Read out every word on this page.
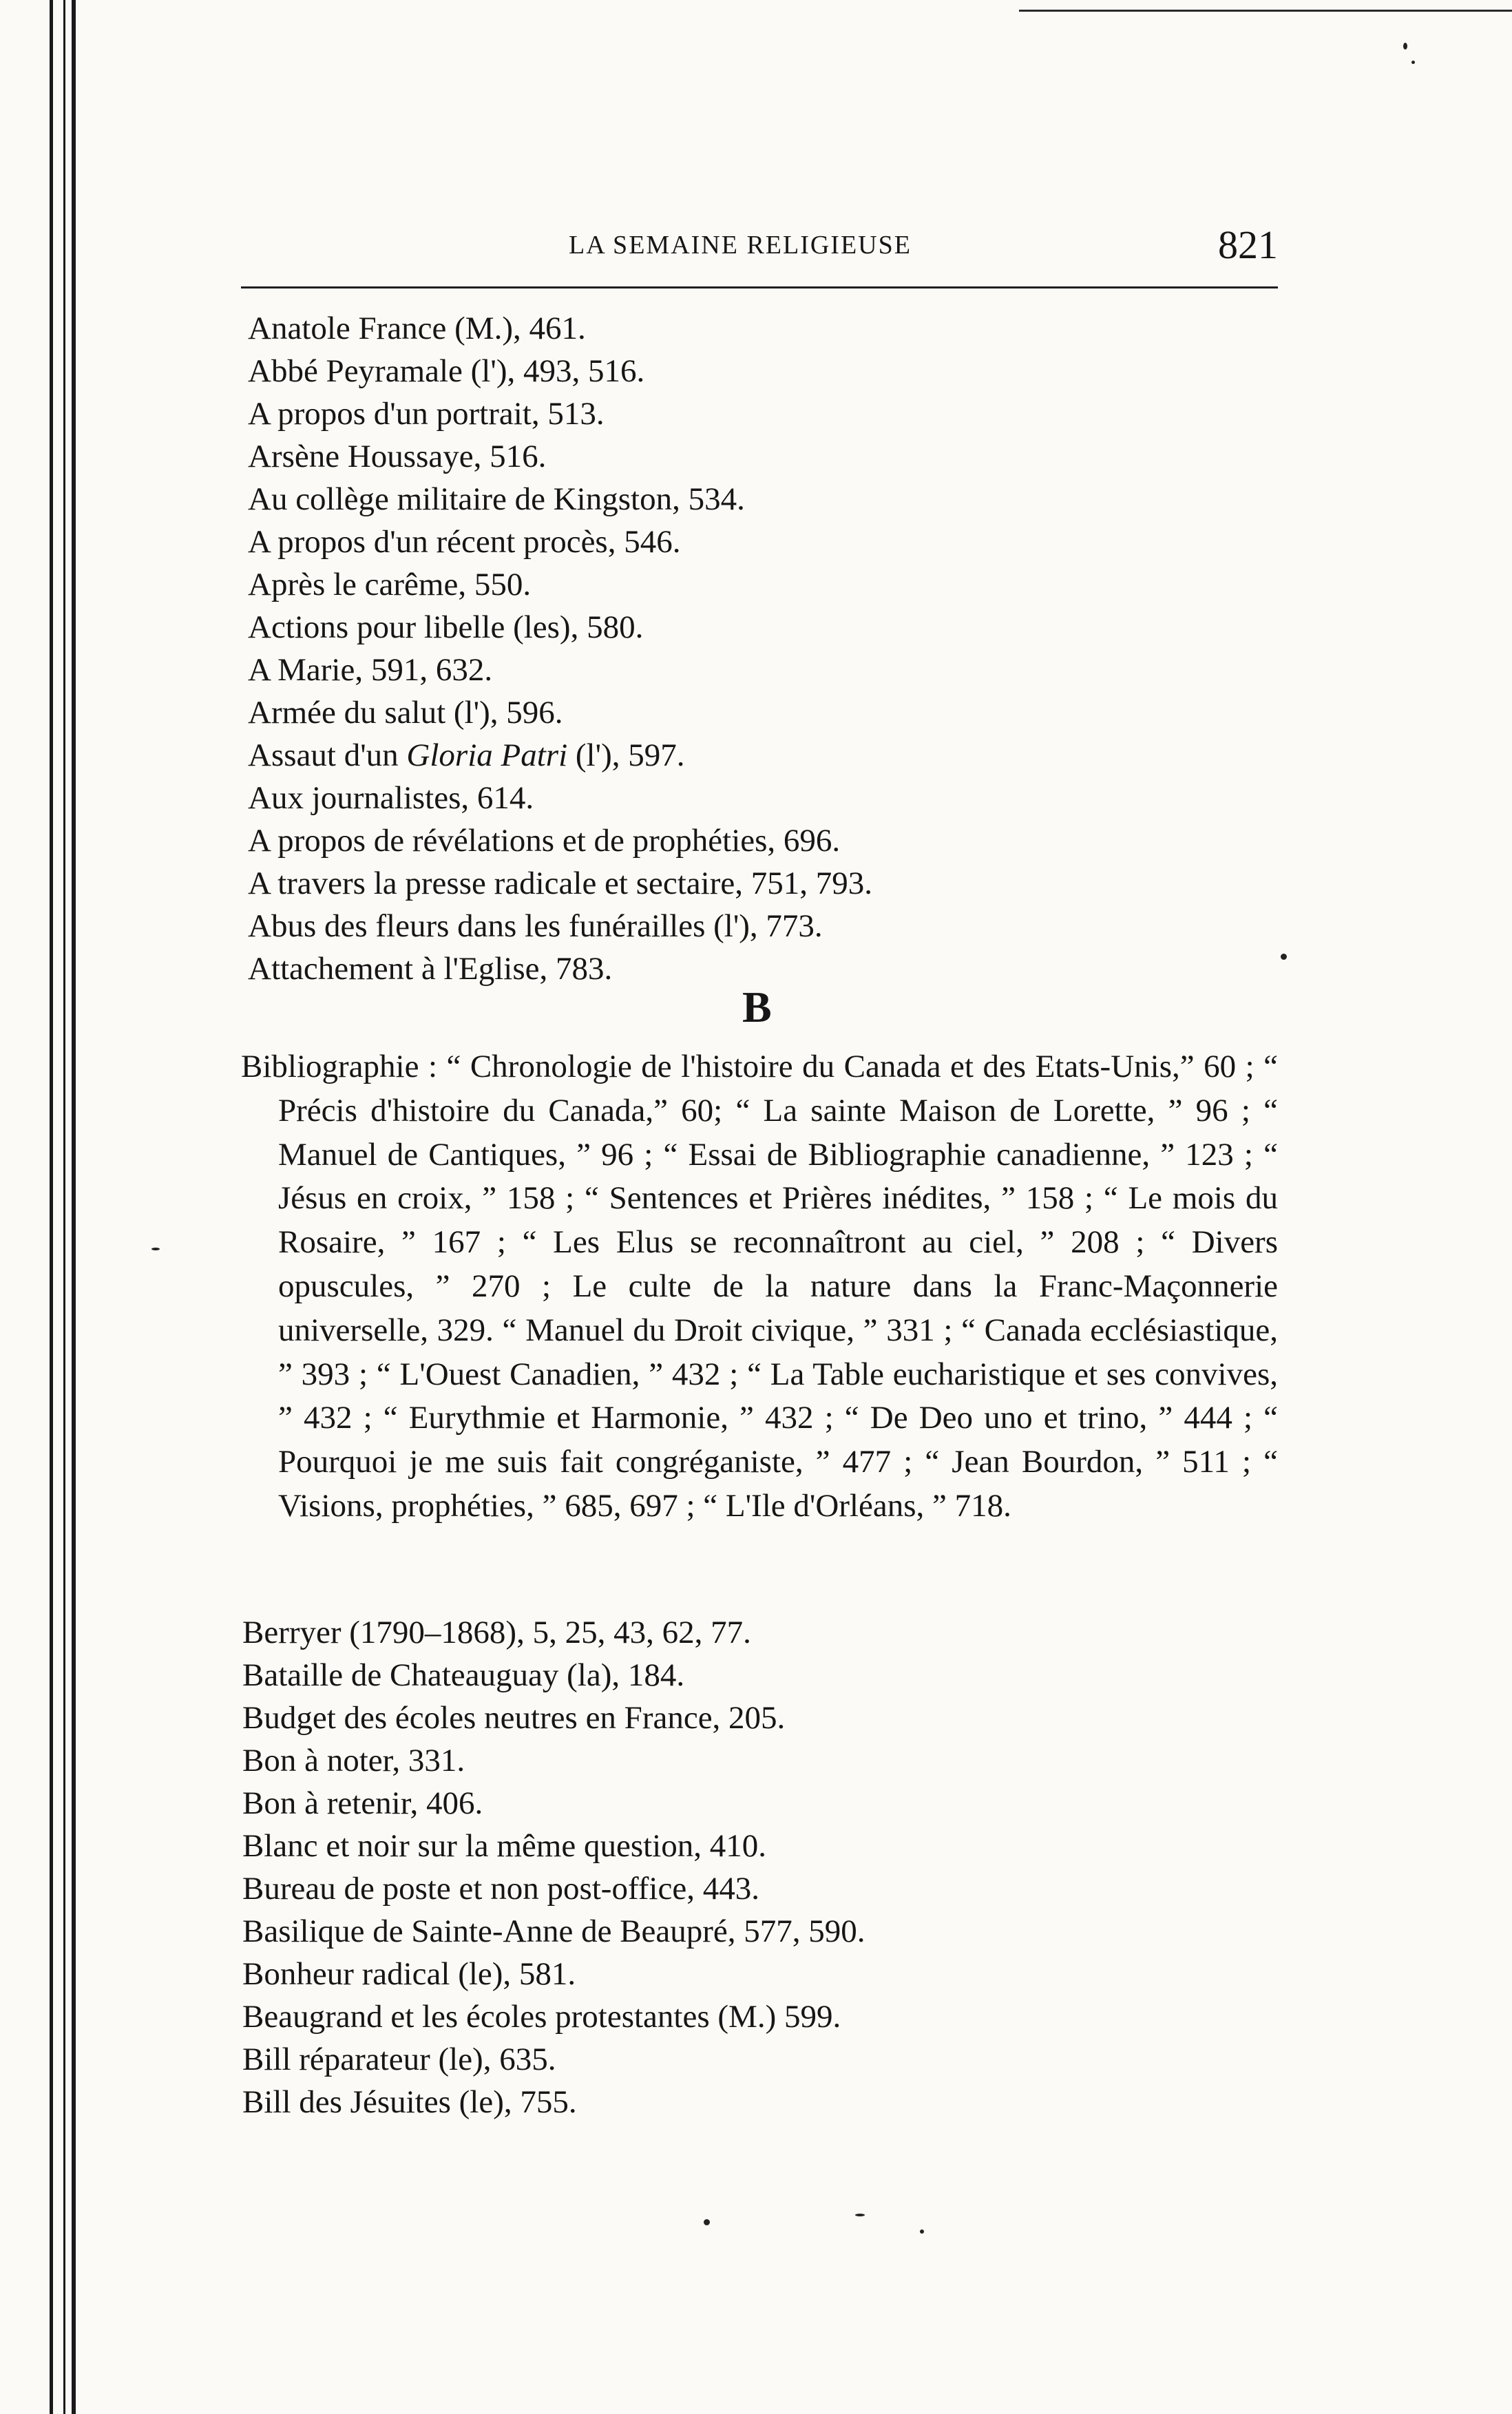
LA SEMAINE RELIGIEUSE	821
Anatole France (M.), 461.
Abbé Peyramale (l'), 493, 516.
A propos d'un portrait, 513.
Arsène Houssaye, 516.
Au collège militaire de Kingston, 534.
A propos d'un récent procès, 546.
Après le carême, 550.
Actions pour libelle (les), 580.
A Marie, 591, 632.
Armée du salut (l'), 596.
Assaut d'un Gloria Patri (l'), 597.
Aux journalistes, 614.
A propos de révélations et de prophéties, 696.
A travers la presse radicale et sectaire, 751, 793.
Abus des fleurs dans les funérailles (l'), 773.
Attachement à l'Eglise, 783.
B
Bibliographie : “ Chronologie de l'histoire du Canada et des Etats-Unis,” 60 ; “ Précis d'histoire du Canada,” 60; “ La sainte Maison de Lorette, ” 96 ; “ Manuel de Cantiques, ” 96 ; “ Essai de Bibliographie canadienne, ” 123 ; “ Jésus en croix, ” 158 ; “ Sentences et Prières inédites, ” 158 ; “ Le mois du Rosaire, ” 167 ; “ Les Elus se reconnaîtront au ciel, ” 208 ; “ Divers opuscules, ” 270 ; Le culte de la nature dans la Franc-Maçonnerie universelle, 329. “ Manuel du Droit civique, ” 331 ; “ Canada ecclésiastique, ” 393 ; “ L'Ouest Canadien, ” 432 ; “ La Table eucharistique et ses convives, ” 432 ; “ Eurythmie et Harmonie, ” 432 ; “ De Deo uno et trino, ” 444 ; “ Pourquoi je me suis fait congréganiste, ” 477 ; “ Jean Bourdon, ” 511 ; “ Visions, prophéties, ” 685, 697 ; “ L'Ile d'Orléans, ” 718.
Berryer (1790–1868), 5, 25, 43, 62, 77.
Bataille de Chateauguay (la), 184.
Budget des écoles neutres en France, 205.
Bon à noter, 331.
Bon à retenir, 406.
Blanc et noir sur la même question, 410.
Bureau de poste et non post-office, 443.
Basilique de Sainte-Anne de Beaupré, 577, 590.
Bonheur radical (le), 581.
Beaugrand et les écoles protestantes (M.) 599.
Bill réparateur (le), 635.
Bill des Jésuites (le), 755.
